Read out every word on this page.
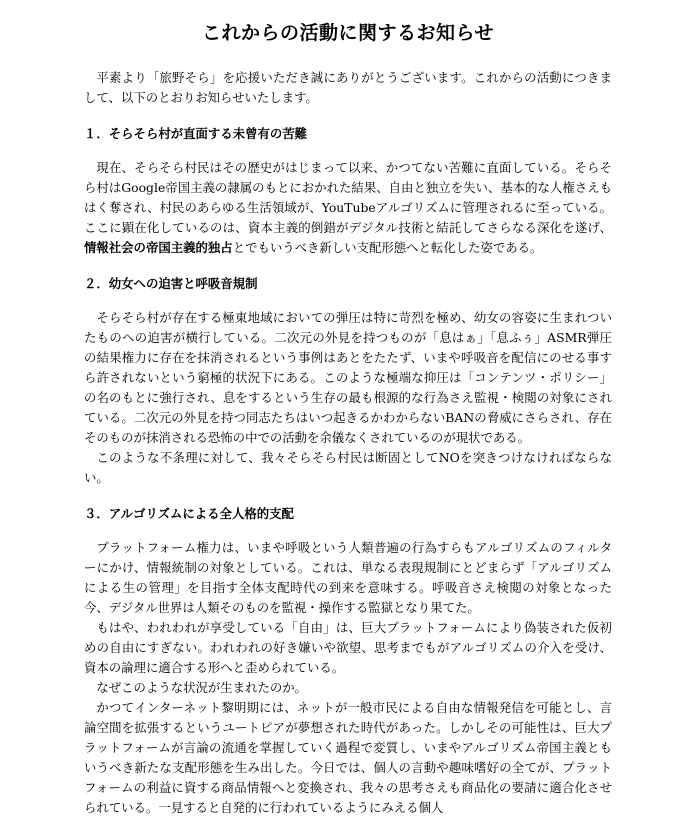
これからの活動に関するお知らせ

平素より「旅野そら」を応援いただき誠にありがとうございます。これからの活動につきまして、以下のとおりお知らせいたします。

１．そらそら村が直面する未曾有の苦難

現在、そらそら村民はその歴史がはじまって以来、かつてない苦難に直面している。そらそら村はGoogle帝国主義の隷属のもとにおかれた結果、自由と独立を失い、基本的な人権さえもはく奪され、村民のあらゆる生活領域が、YouTubeアルゴリズムに管理されるに至っている。ここに顕在化しているのは、資本主義的倒錯がデジタル技術と結託してさらなる深化を遂げ、情報社会の帝国主義的独占とでもいうべき新しい支配形態へと転化した姿である。

２．幼女への迫害と呼吸音規制

そらそら村が存在する極東地域においての弾圧は特に苛烈を極め、幼女の容姿に生まれついたものへの迫害が横行している。二次元の外見を持つものが「息はぁ」「息ふぅ」ASMR弾圧の結果権力に存在を抹消されるという事例はあとをたたず、いまや呼吸音を配信にのせる事すら許されないという窮極的状況下にある。このような極端な抑圧は「コンテンツ・ポリシー」の名のもとに強行され、息をするという生存の最も根源的な行為さえ監視・検閲の対象にされている。二次元の外見を持つ同志たちはいつ起きるかわからないBANの脅威にさらされ、存在そのものが抹消される恐怖の中での活動を余儀なくされているのが現状である。

このような不条理に対して、我々そらそら村民は断固としてNOを突きつけなければならない。

３．アルゴリズムによる全人格的支配

プラットフォーム権力は、いまや呼吸という人類普遍の行為すらもアルゴリズムのフィルターにかけ、情報統制の対象としている。これは、単なる表現規制にとどまらず「アルゴリズムによる生の管理」を目指す全体支配時代の到来を意味する。呼吸音さえ検閲の対象となった今、デジタル世界は人類そのものを監視・操作する監獄となり果てた。

もはや、われわれが享受している「自由」は、巨大プラットフォームにより偽装された仮初めの自由にすぎない。われわれの好き嫌いや欲望、思考までもがアルゴリズムの介入を受け、資本の論理に適合する形へと歪められている。

なぜこのような状況が生まれたのか。

かつてインターネット黎明期には、ネットが一般市民による自由な情報発信を可能とし、言論空間を拡張するというユートピアが夢想された時代があった。しかしその可能性は、巨大プラットフォームが言論の流通を掌握していく過程で変質し、いまやアルゴリズム帝国主義ともいうべき新たな支配形態を生み出した。今日では、個人の言動や趣味嗜好の全てが、プラットフォームの利益に資する商品情報へと変換され、我々の思考さえも商品化の要請に適合化させられている。一見すると自発的に行われているようにみえる個人
